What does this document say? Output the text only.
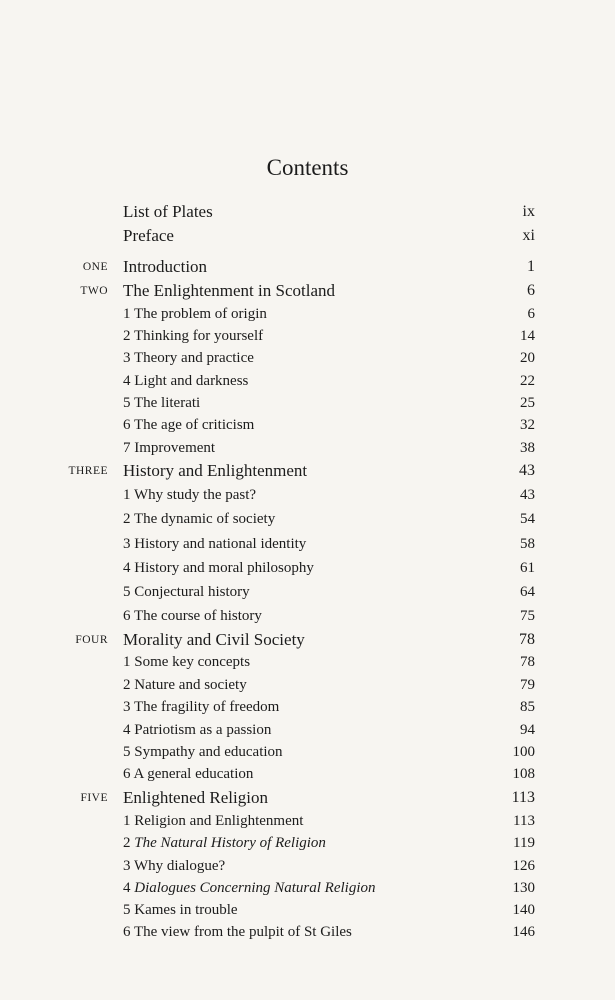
Contents
List of Plates	ix
Preface	xi
ONE Introduction	1
TWO The Enlightenment in Scotland	6
1 The problem of origin	6
2 Thinking for yourself	14
3 Theory and practice	20
4 Light and darkness	22
5 The literati	25
6 The age of criticism	32
7 Improvement	38
THREE History and Enlightenment	43
1 Why study the past?	43
2 The dynamic of society	54
3 History and national identity	58
4 History and moral philosophy	61
5 Conjectural history	64
6 The course of history	75
FOUR Morality and Civil Society	78
1 Some key concepts	78
2 Nature and society	79
3 The fragility of freedom	85
4 Patriotism as a passion	94
5 Sympathy and education	100
6 A general education	108
FIVE Enlightened Religion	113
1 Religion and Enlightenment	113
2 The Natural History of Religion	119
3 Why dialogue?	126
4 Dialogues Concerning Natural Religion	130
5 Kames in trouble	140
6 The view from the pulpit of St Giles	146
